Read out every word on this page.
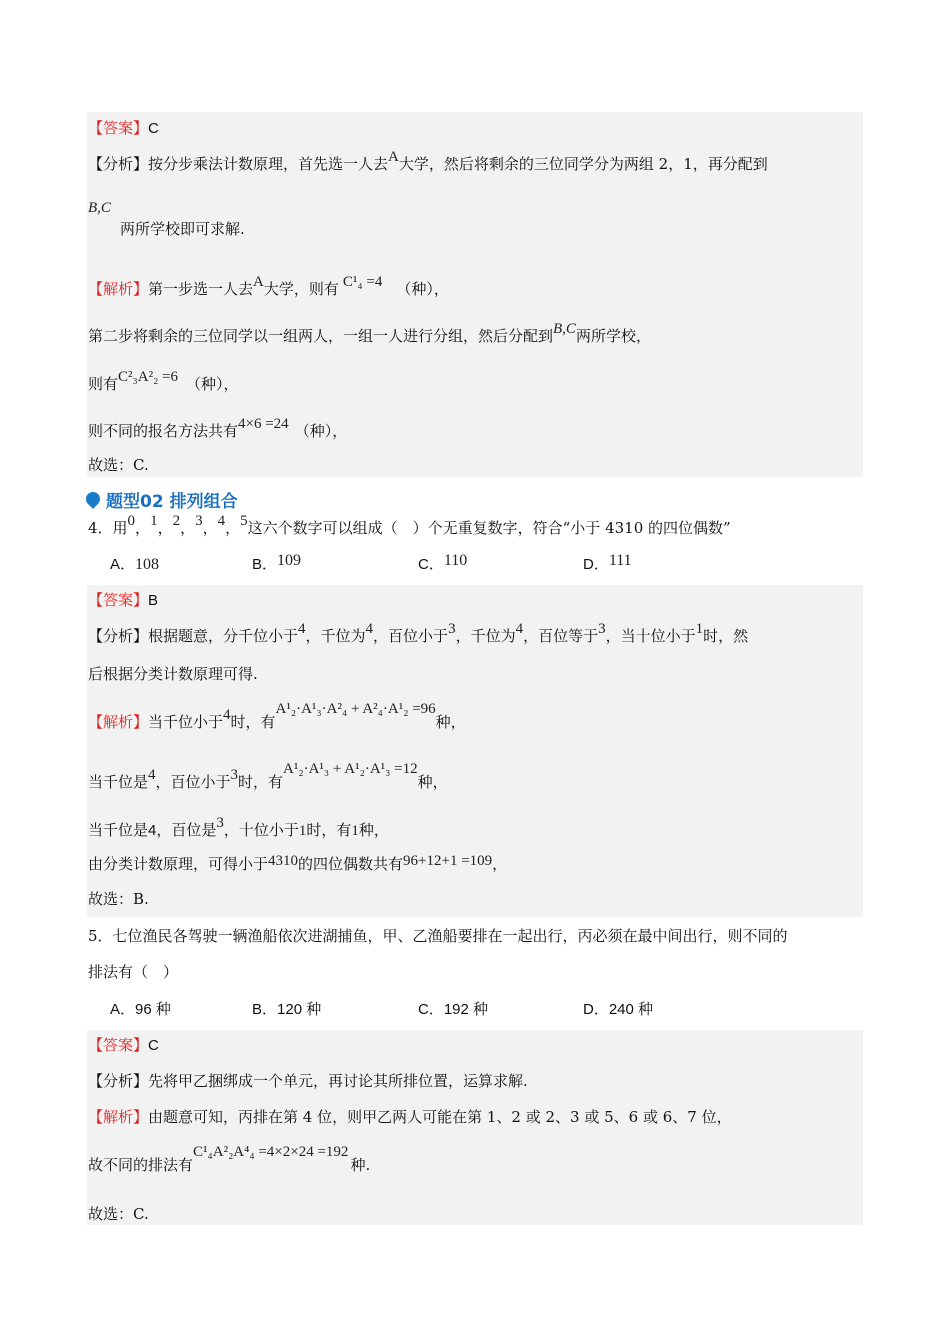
【答案】C
【分析】按分步乘法计数原理，首先选一人去A大学，然后将剩余的三位同学分为两组 2，1，再分配到
B,C
两所学校即可求解.
【解析】第一步选一人去A大学，则有 C¹₄ =4 （种），
第二步将剩余的三位同学以一组两人，一组一人进行分组，然后分配到B,C两所学校，
则有C²₃A²₂ =6 （种），
则不同的报名方法共有4×6 =24 （种），
故选：C.
题型02 排列组合
4．用0，1，2，3，4，5这六个数字可以组成（　）个无重复数字，符合“小于 4310 的四位偶数”
A．108	B．109	C．110	D．111
【答案】B
【分析】根据题意，分千位小于4，千位为4，百位小于3，千位为4，百位等于3，当十位小于1时，然
后根据分类计数原理可得.
【解析】当千位小于4时，有A¹₂·A¹₃·A²₄ + A²₄·A¹₂ =96种，
当千位是4，百位小于3时，有A¹₂·A¹₃ + A¹₂·A¹₃ =12种，
当千位是4，百位是3，十位小于1时，有1种，
由分类计数原理，可得小于4310的四位偶数共有96+12+1 =109，
故选：B.
5．七位渔民各驾驶一辆渔船依次进湖捕鱼，甲、乙渔船要排在一起出行，丙必须在最中间出行，则不同的
排法有（　）
A．96 种	B．120 种	C．192 种	D．240 种
【答案】C
【分析】先将甲乙捆绑成一个单元，再讨论其所排位置，运算求解.
【解析】由题意可知，丙排在第 4 位，则甲乙两人可能在第 1、2 或 2、3 或 5、6 或 6、7 位，
故不同的排法有C¹₄A²₂A⁴₄ =4×2×24 =192种.
故选：C.
